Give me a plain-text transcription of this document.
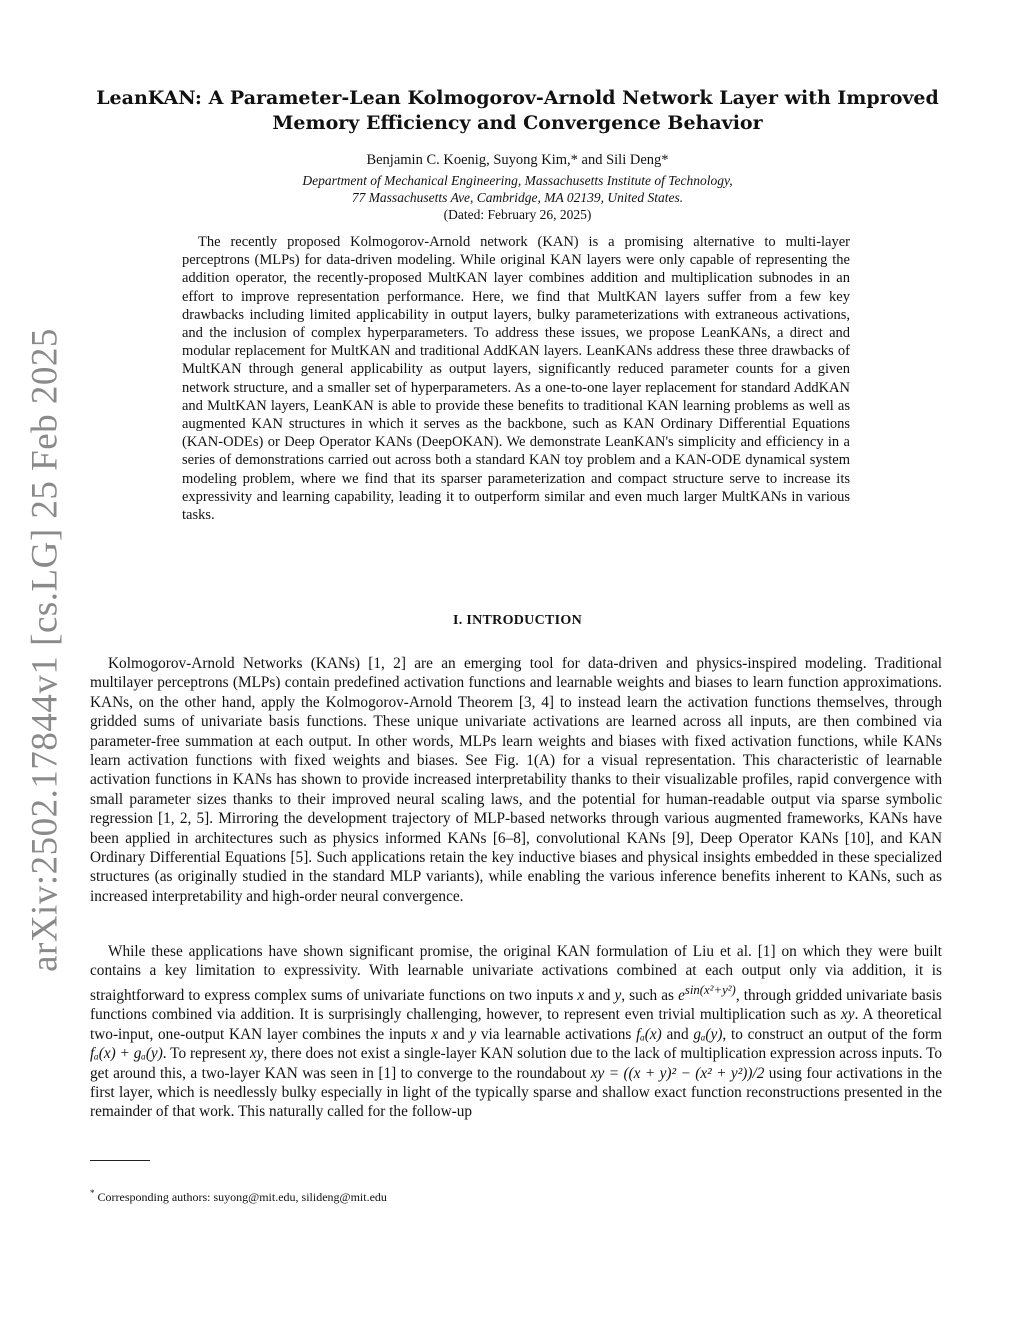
arXiv:2502.17844v1 [cs.LG] 25 Feb 2025
LeanKAN: A Parameter-Lean Kolmogorov-Arnold Network Layer with Improved
Memory Efficiency and Convergence Behavior
Benjamin C. Koenig, Suyong Kim,* and Sili Deng*
Department of Mechanical Engineering, Massachusetts Institute of Technology,
77 Massachusetts Ave, Cambridge, MA 02139, United States.
(Dated: February 26, 2025)

The recently proposed Kolmogorov-Arnold network (KAN) is a promising alternative to multi-layer perceptrons (MLPs) for data-driven modeling. While original KAN layers were only capable of representing the addition operator, the recently-proposed MultKAN layer combines addition and multiplication subnodes in an effort to improve representation performance. Here, we find that MultKAN layers suffer from a few key drawbacks including limited applicability in output layers, bulky parameterizations with extraneous activations, and the inclusion of complex hyperparameters. To address these issues, we propose LeanKANs, a direct and modular replacement for MultKAN and traditional AddKAN layers. LeanKANs address these three drawbacks of MultKAN through general applicability as output layers, significantly reduced parameter counts for a given network structure, and a smaller set of hyperparameters. As a one-to-one layer replacement for standard AddKAN and MultKAN layers, LeanKAN is able to provide these benefits to traditional KAN learning problems as well as augmented KAN structures in which it serves as the backbone, such as KAN Ordinary Differential Equations (KAN-ODEs) or Deep Operator KANs (DeepOKAN). We demonstrate LeanKAN's simplicity and efficiency in a series of demonstrations carried out across both a standard KAN toy problem and a KAN-ODE dynamical system modeling problem, where we find that its sparser parameterization and compact structure serve to increase its expressivity and learning capability, leading it to outperform similar and even much larger MultKANs in various tasks.

I. INTRODUCTION

Kolmogorov-Arnold Networks (KANs) [1, 2] are an emerging tool for data-driven and physics-inspired modeling. Traditional multilayer perceptrons (MLPs) contain predefined activation functions and learnable weights and biases to learn function approximations. KANs, on the other hand, apply the Kolmogorov-Arnold Theorem [3, 4] to instead learn the activation functions themselves, through gridded sums of univariate basis functions. These unique univariate activations are learned across all inputs, are then combined via parameter-free summation at each output. In other words, MLPs learn weights and biases with fixed activation functions, while KANs learn activation functions with fixed weights and biases. See Fig. 1(A) for a visual representation. This characteristic of learnable activation functions in KANs has shown to provide increased interpretability thanks to their visualizable profiles, rapid convergence with small parameter sizes thanks to their improved neural scaling laws, and the potential for human-readable output via sparse symbolic regression [1, 2, 5]. Mirroring the development trajectory of MLP-based networks through various augmented frameworks, KANs have been applied in architectures such as physics informed KANs [6–8], convolutional KANs [9], Deep Operator KANs [10], and KAN Ordinary Differential Equations [5]. Such applications retain the key inductive biases and physical insights embedded in these specialized structures (as originally studied in the standard MLP variants), while enabling the various inference benefits inherent to KANs, such as increased interpretability and high-order neural convergence.

While these applications have shown significant promise, the original KAN formulation of Liu et al. [1] on which they were built contains a key limitation to expressivity. With learnable univariate activations combined at each output only via addition, it is straightforward to express complex sums of univariate functions on two inputs x and y, such as $e^{sin(x^2+y^2)}$, through gridded univariate basis functions combined via addition. It is surprisingly challenging, however, to represent even trivial multiplication such as xy. A theoretical two-input, one-output KAN layer combines the inputs x and y via learnable activations fₐ(x) and gₐ(y), to construct an output of the form fₐ(x) + gₐ(y). To represent xy, there does not exist a single-layer KAN solution due to the lack of multiplication expression across inputs. To get around this, a two-layer KAN was seen in [1] to converge to the roundabout xy = ((x + y)² − (x² + y²))/2 using four activations in the first layer, which is needlessly bulky especially in light of the typically sparse and shallow exact function reconstructions presented in the remainder of that work. This naturally called for the follow-up

* Corresponding authors: suyong@mit.edu, silideng@mit.edu
